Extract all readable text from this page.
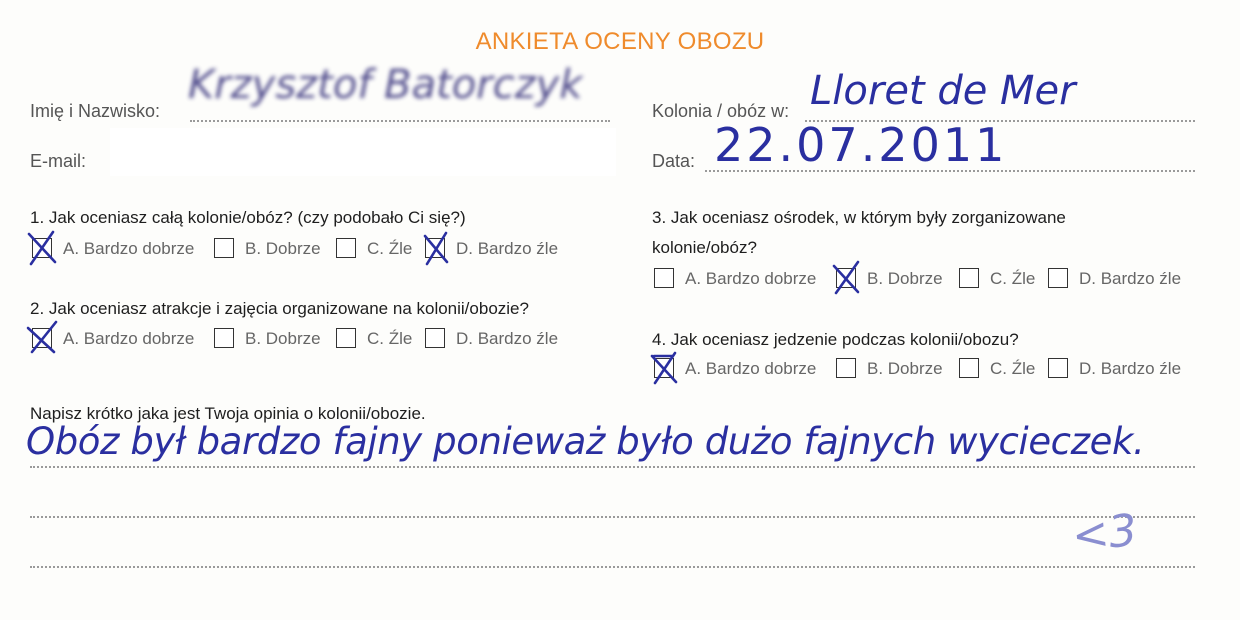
ANKIETA OCENY OBOZU
Imię i Nazwisko:
Krzysztof Batorczyk
E-mail:
Kolonia / obóz w: Lloret de Mer
Data: 22.07.2011
1. Jak oceniasz całą kolonie/obóz? (czy podobało Ci się?)
A. Bardzo dobrze	B. Dobrze	C. Źle	D. Bardzo źle
2. Jak oceniasz atrakcje i zajęcia organizowane na kolonii/obozie?
A. Bardzo dobrze	B. Dobrze	C. Źle	D. Bardzo źle
3. Jak oceniasz ośrodek, w którym były zorganizowane
kolonie/obóz?
A. Bardzo dobrze	B. Dobrze	C. Źle	D. Bardzo źle
4. Jak oceniasz jedzenie podczas kolonii/obozu?
A. Bardzo dobrze	B. Dobrze	C. Źle	D. Bardzo źle
Napisz krótko jaka jest Twoja opinia o kolonii/obozie.
Obóz był bardzo fajny ponieważ było dużo fajnych wycieczek.
<3
